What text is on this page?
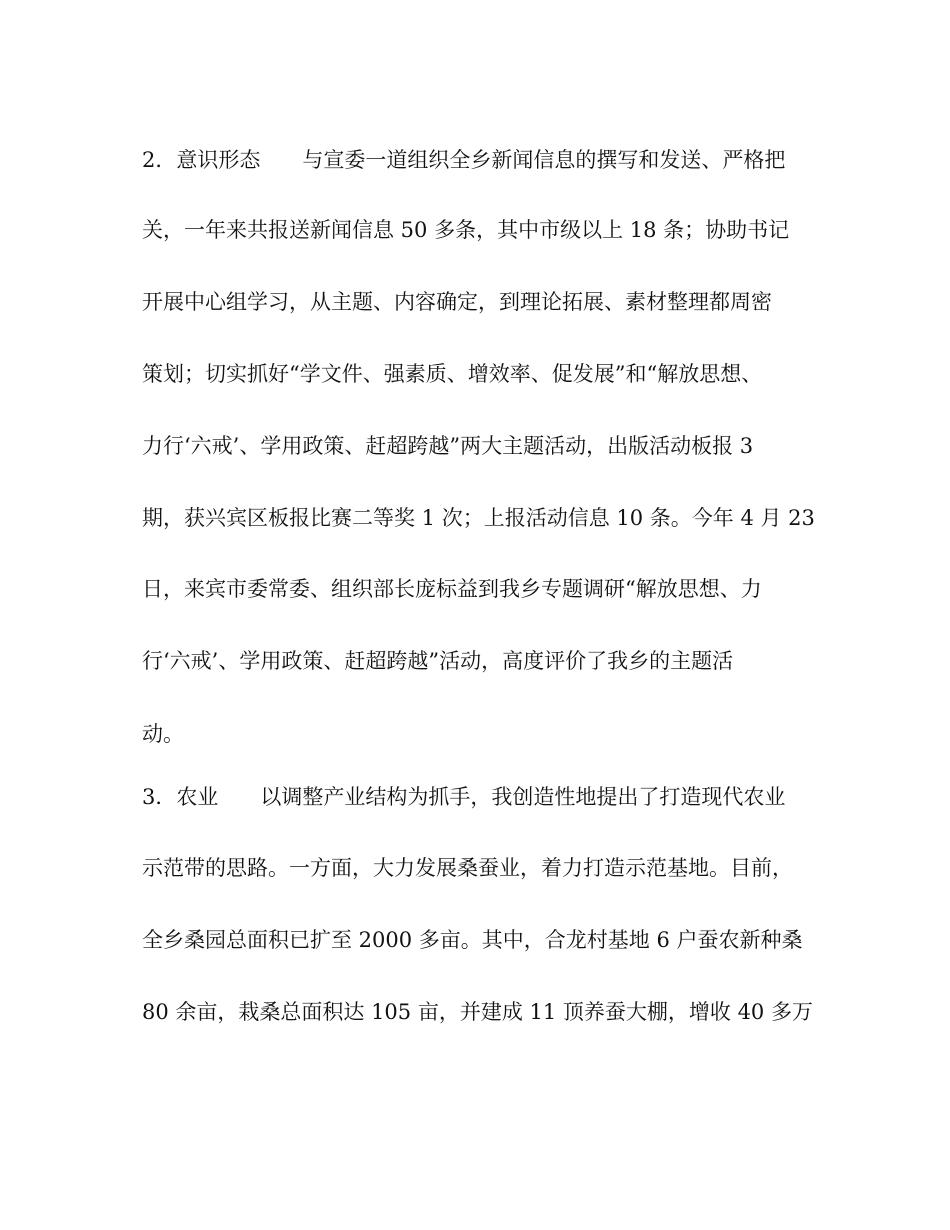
2．意识形态　　与宣委一道组织全乡新闻信息的撰写和发送、严格把
关，一年来共报送新闻信息 50 多条，其中市级以上 18 条；协助书记
开展中心组学习，从主题、内容确定，到理论拓展、素材整理都周密
策划；切实抓好“学文件、强素质、增效率、促发展”和“解放思想、
力行‘六戒’、学用政策、赶超跨越”两大主题活动，出版活动板报 3
期，获兴宾区板报比赛二等奖 1 次；上报活动信息 10 条。今年 4 月 23
日，来宾市委常委、组织部长庞标益到我乡专题调研“解放思想、力
行‘六戒’、学用政策、赶超跨越”活动，高度评价了我乡的主题活
动。
3．农业　　以调整产业结构为抓手，我创造性地提出了打造现代农业
示范带的思路。一方面，大力发展桑蚕业，着力打造示范基地。目前，
全乡桑园总面积已扩至 2000 多亩。其中，合龙村基地 6 户蚕农新种桑
80 余亩，栽桑总面积达 105 亩，并建成 11 顶养蚕大棚，增收 40 多万
